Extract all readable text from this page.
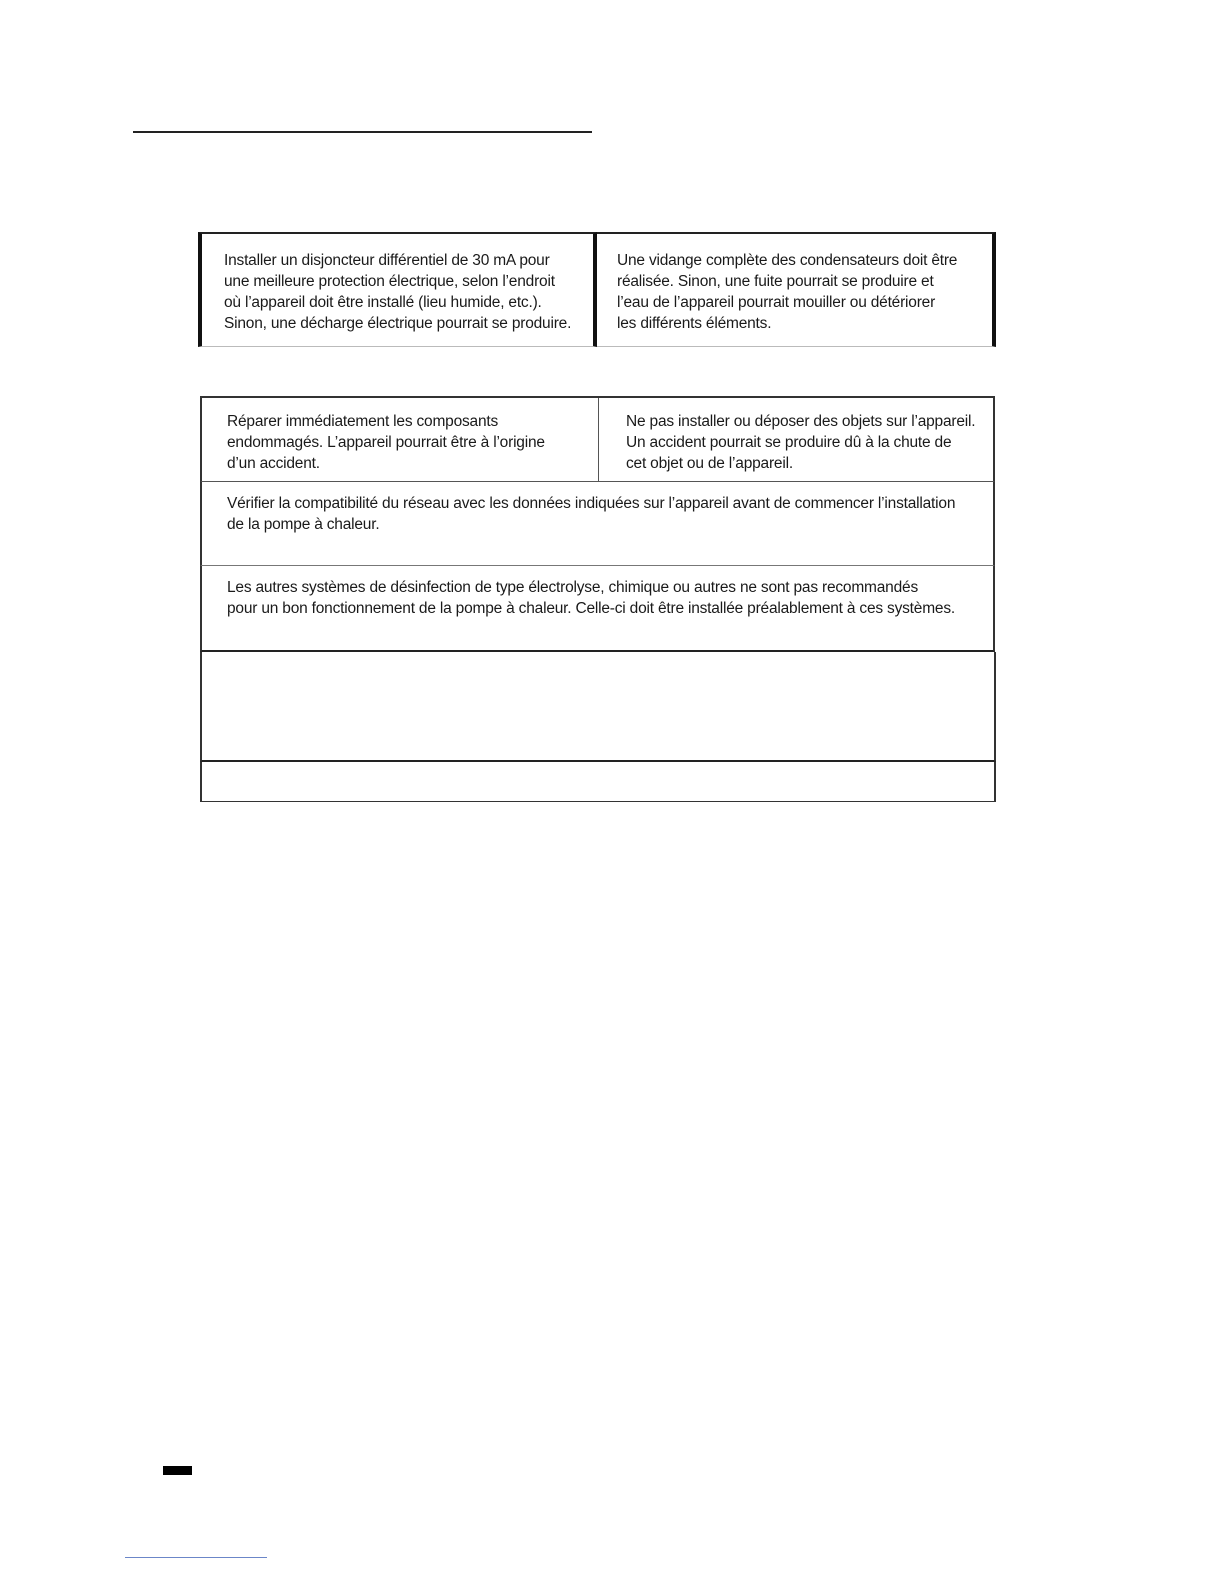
Installer un disjoncteur différentiel de 30 mA pour
une meilleure protection électrique, selon l’endroit
où l’appareil doit être installé (lieu humide, etc.).
Sinon, une décharge électrique pourrait se produire.
Une vidange complète des condensateurs doit être
réalisée. Sinon, une fuite pourrait se produire et
l’eau de l’appareil pourrait mouiller ou détériorer
les différents éléments.
Réparer immédiatement les composants
endommagés. L’appareil pourrait être à l’origine
d’un accident.
Ne pas installer ou déposer des objets sur l’appareil.
Un accident pourrait se produire dû à la chute de
cet objet ou de l’appareil.
Vérifier la compatibilité du réseau avec les données indiquées sur l’appareil avant de commencer l’installation
de la pompe à chaleur.
Les autres systèmes de désinfection de type électrolyse, chimique ou autres ne sont pas recommandés
pour un bon fonctionnement de la pompe à chaleur. Celle-ci doit être installée préalablement à ces systèmes.
